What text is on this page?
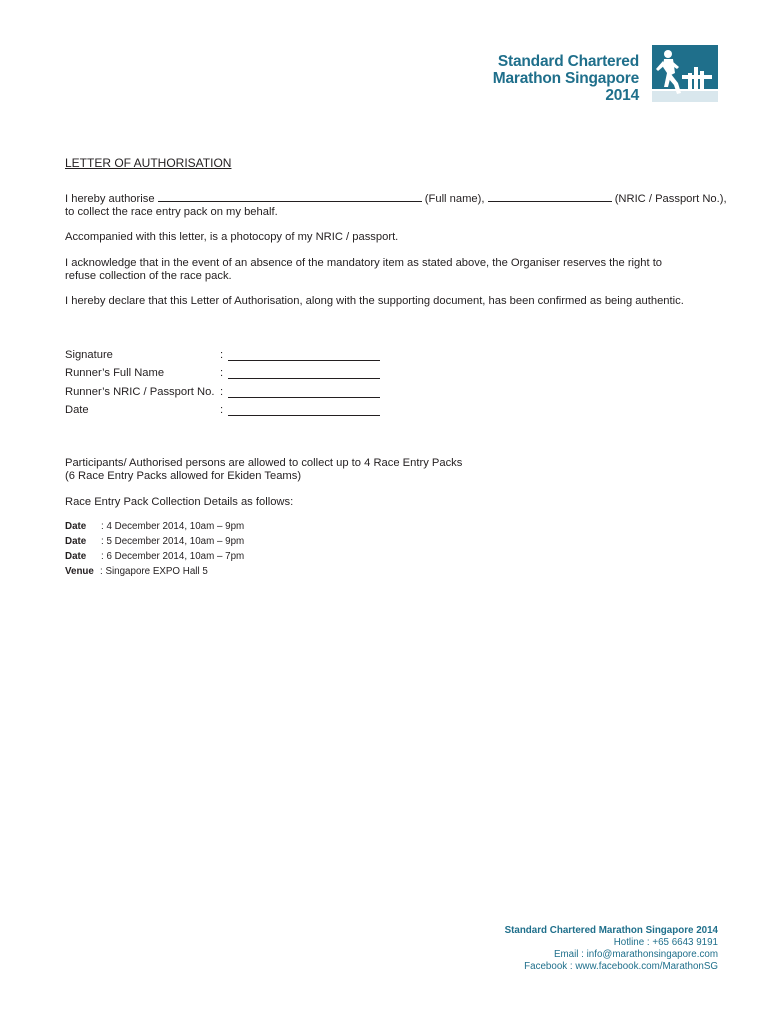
Standard Chartered
Marathon Singapore
2014
LETTER OF AUTHORISATION
I hereby authorise	(Full name),	(NRIC / Passport No.),
to collect the race entry pack on my behalf.
Accompanied with this letter, is a photocopy of my NRIC / passport.
I acknowledge that in the event of an absence of the mandatory item as stated above, the Organiser reserves the right to refuse collection of the race pack.
I hereby declare that this Letter of Authorisation, along with the supporting document, has been confirmed as being authentic.
Signature	:
Runner’s Full Name	:
Runner’s NRIC / Passport No. :
Date	:
Participants/ Authorised persons are allowed to collect up to 4 Race Entry Packs
(6 Race Entry Packs allowed for Ekiden Teams)
Race Entry Pack Collection Details as follows:
Date : 4 December 2014, 10am – 9pm
Date : 5 December 2014, 10am – 9pm
Date : 6 December 2014, 10am – 7pm
Venue : Singapore EXPO Hall 5
Standard Chartered Marathon Singapore 2014
Hotline : +65 6643 9191
Email : info@marathonsingapore.com
Facebook : www.facebook.com/MarathonSG
